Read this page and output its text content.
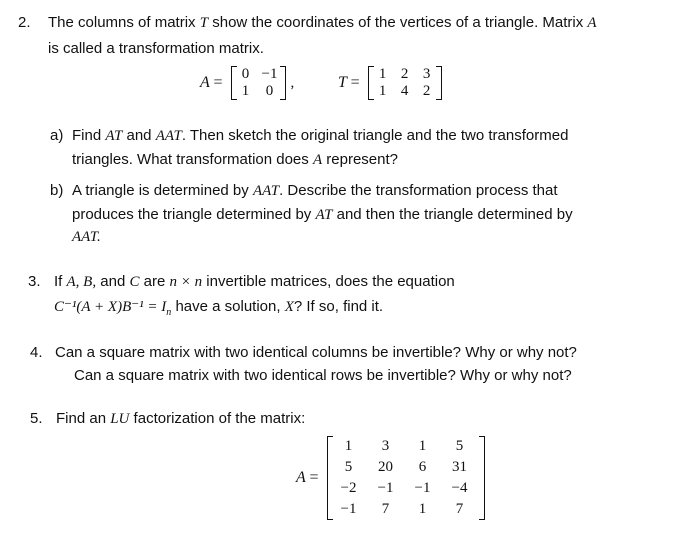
2. The columns of matrix T show the coordinates of the vertices of a triangle. Matrix A
is called a transformation matrix.
A = 0 −1
1 0
,	T = 1 2 3
1 4 2
a) Find AT and AAT. Then sketch the original triangle and the two transformed
triangles. What transformation does A represent?
b) A triangle is determined by AAT. Describe the transformation process that
produces the triangle determined by AT and then the triangle determined by
AAT.
3. If A, B, and C are n × n invertible matrices, does the equation
$C^{-1}(A + X)B^{-1} = I_n$ have a solution, X? If so, find it.
4. Can a square matrix with two identical columns be invertible? Why or why not?
Can a square matrix with two identical rows be invertible? Why or why not?
5. Find an LU factorization of the matrix:
A =
1	3	1	5
5	20	6	31
−2	−1	−1	−4
−1	7	1	7
